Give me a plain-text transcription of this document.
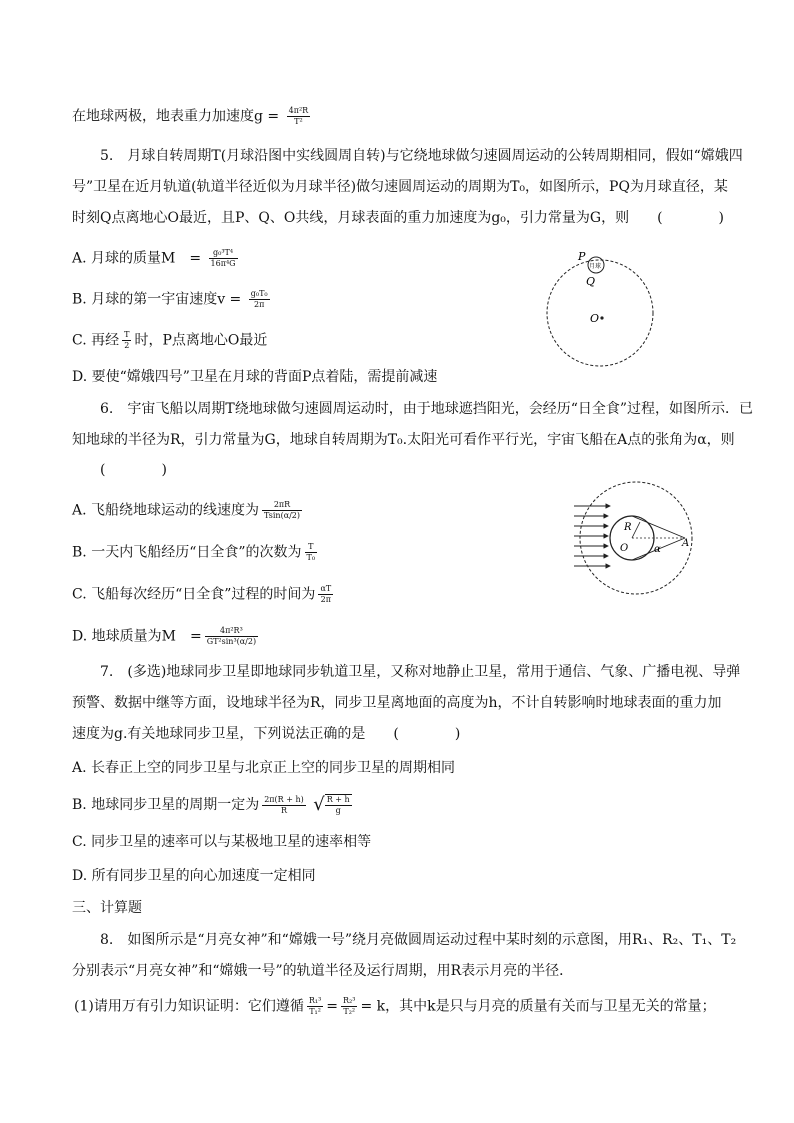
在地球两极，地表重力加速度$g = \frac{\text{4π²R}}{\text{T²}}$
5.　月球自转周期T(月球沿图中实线圆周自转)与它绕地球做匀速圆周运动的公转周期相同，假如“嫦娥四
号”卫星在近月轨道(轨道半径近似为月球半径)做匀速圆周运动的周期为T₀，如图所示，PQ为月球直径，某
时刻Q点离地心O最近，且P、Q、O共线，月球表面的重力加速度为g₀，引力常量为G，则　　(　　　　)
A. 月球的质量M　= $\frac{\text{g₀³T⁴}}{\text{16π⁴G}}$
B. 月球的第一宇宙速度$v = \frac{\text{g₀T₀}}{2\pi}$
C. 再经 $\frac{T}{2}$ 时，P点离地心O最近
D. 要使“嫦娥四号”卫星在月球的背面P点着陆，需提前减速
P
Q
O
月球
6.　宇宙飞船以周期T绕地球做匀速圆周运动时，由于地球遮挡阳光，会经历“日全食”过程，如图所示．已
知地球的半径为R，引力常量为G，地球自转周期为T₀.太阳光可看作平行光，宇宙飞船在A点的张角为α，则
(　　　　)
A. 飞船绕地球运动的线速度为 $\frac{2\pi R}{Tsin(\alpha/2)}$
B. 一天内飞船经历“日全食”的次数为 $\frac{T}{\text{T₀}}$
C. 飞船每次经历“日全食”过程的时间为 $\frac{\alpha T}{2\pi}$
D. 地球质量为M　= $\frac{\text{4π²R³}}{\text{GT²sin³(α/2)}}$
R
O	α
A
7.　(多选)地球同步卫星即地球同步轨道卫星，又称对地静止卫星，常用于通信、气象、广播电视、导弹
预警、数据中继等方面，设地球半径为R，同步卫星离地面的高度为h，不计自转影响时地球表面的重力加
速度为g.有关地球同步卫星，下列说法正确的是　　(　　　　)
A. 长春正上空的同步卫星与北京正上空的同步卫星的周期相同
B. 地球同步卫星的周期一定为 $\frac{2\pi(R + h)}{R}$ √ $\frac{R + h}{g}$
C. 同步卫星的速率可以与某极地卫星的速率相等
D. 所有同步卫星的向心加速度一定相同
三、计算题
8.　如图所示是“月亮女神”和“嫦娥一号”绕月亮做圆周运动过程中某时刻的示意图，用R₁、R₂、T₁、T₂
分别表示“月亮女神”和“嫦娥一号”的轨道半径及运行周期，用R表示月亮的半径．
(1)请用万有引力知识证明：它们遵循 $\frac{\text{R₁³}}{\text{T₁²}} = \frac{\text{R₂³}}{\text{T₂²}} = k$，其中k是只与月亮的质量有关而与卫星无关的常量；
